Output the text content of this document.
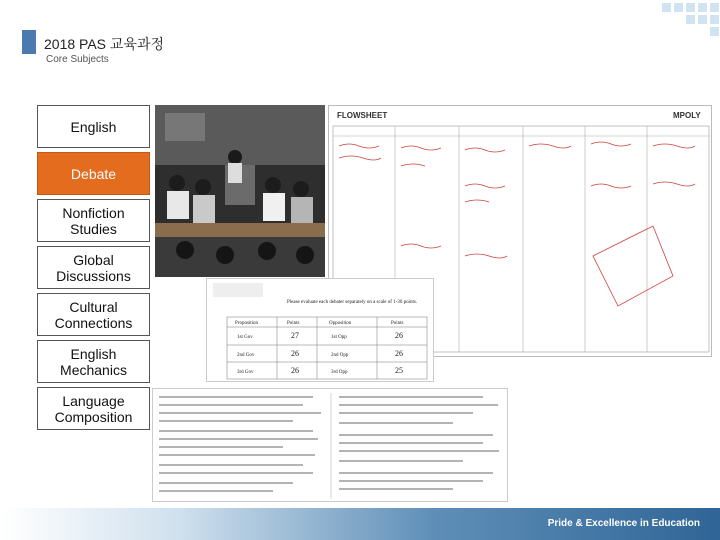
2018 PAS 교육과정
Core Subjects
English
Debate
Nonfiction
Studies
Global
Discussions
Cultural
Connections
English
Mechanics
Language
Composition
FLOWSHEET	MPOLY
Please evaluate each debater separately on a scale of 1-30 points.
Proposition	Points	Opposition	Points
1st Gov	27	1st Opp	26
2nd Gov	26	2nd Opp	26
3rd Gov	26	3rd Opp	25
Pride & Excellence in Education
